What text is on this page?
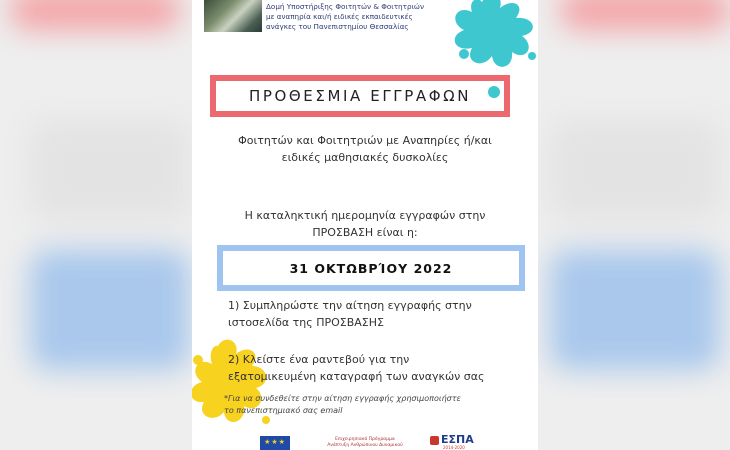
Δομή Υποστήριξης Φοιτητών & Φοιτητριών
με αναπηρία και/ή ειδικές εκπαιδευτικές
ανάγκες του Πανεπιστημίου Θεσσαλίας
ΠΡΟΘΕΣΜΙΑ ΕΓΓΡΑΦΩΝ
Φοιτητών και Φοιτητριών με Αναπηρίες ή/και
ειδικές μαθησιακές δυσκολίες
Η καταληκτική ημερομηνία εγγραφών στην
ΠΡΟΣΒΑΣΗ είναι η:
31 ΟΚΤΩΒΡΊΟΥ 2022
1) Συμπληρώστε την αίτηση εγγραφής στην
ιστοσελίδα της ΠΡΟΣΒΑΣΗΣ
2) Κλείστε ένα ραντεβού για την
εξατομικευμένη καταγραφή των αναγκών σας
*Για να συνδεθείτε στην αίτηση εγγραφής χρησιμοποιήστε
το πανεπιστημιακό σας email
★★★	Επιχειρησιακό Πρόγραμμα
Ανάπτυξη Ανθρώπινου Δυναμικού	ΕΣΠΑ
2014-2020
